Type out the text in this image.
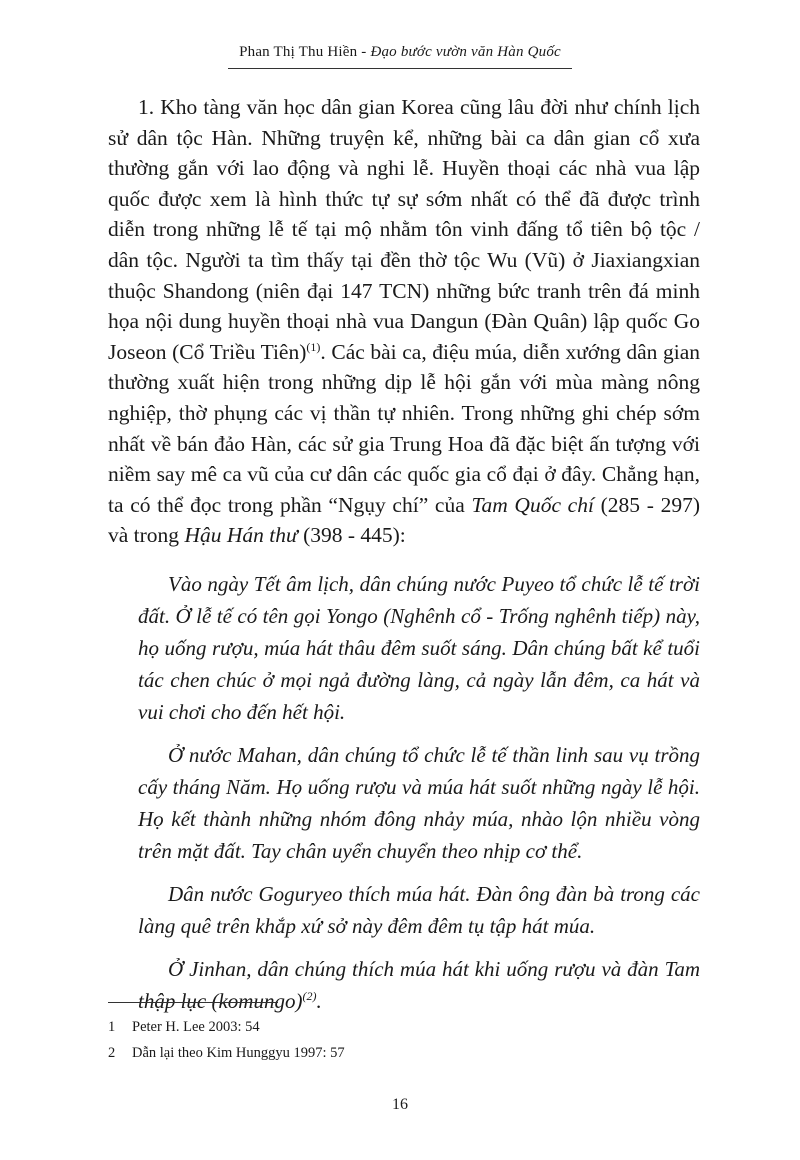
Phan Thị Thu Hiền - Đạo bước vườn văn Hàn Quốc

1. Kho tàng văn học dân gian Korea cũng lâu đời như chính lịch sử dân tộc Hàn. Những truyện kể, những bài ca dân gian cổ xưa thường gắn với lao động và nghi lễ. Huyền thoại các nhà vua lập quốc được xem là hình thức tự sự sớm nhất có thể đã được trình diễn trong những lễ tế tại mộ nhằm tôn vinh đấng tổ tiên bộ tộc / dân tộc. Người ta tìm thấy tại đền thờ tộc Wu (Vũ) ở Jiaxiangxian thuộc Shandong (niên đại 147 TCN) những bức tranh trên đá minh họa nội dung huyền thoại nhà vua Dangun (Đàn Quân) lập quốc Go Joseon (Cổ Triều Tiên)$^{(1)}$. Các bài ca, điệu múa, diễn xướng dân gian thường xuất hiện trong những dịp lễ hội gắn với mùa màng nông nghiệp, thờ phụng các vị thần tự nhiên. Trong những ghi chép sớm nhất về bán đảo Hàn, các sử gia Trung Hoa đã đặc biệt ấn tượng với niềm say mê ca vũ của cư dân các quốc gia cổ đại ở đây. Chẳng hạn, ta có thể đọc trong phần “Ngụy chí” của Tam Quốc chí (285 - 297) và trong Hậu Hán thư (398 - 445):

Vào ngày Tết âm lịch, dân chúng nước Puyeo tổ chức lễ tế trời đất. Ở lễ tế có tên gọi Yongo (Nghênh cổ - Trống nghênh tiếp) này, họ uống rượu, múa hát thâu đêm suốt sáng. Dân chúng bất kể tuổi tác chen chúc ở mọi ngả đường làng, cả ngày lẫn đêm, ca hát và vui chơi cho đến hết hội.

Ở nước Mahan, dân chúng tổ chức lễ tế thần linh sau vụ trồng cấy tháng Năm. Họ uống rượu và múa hát suốt những ngày lễ hội. Họ kết thành những nhóm đông nhảy múa, nhào lộn nhiều vòng trên mặt đất. Tay chân uyển chuyển theo nhịp cơ thể.

Dân nước Goguryeo thích múa hát. Đàn ông đàn bà trong các làng quê trên khắp xứ sở này đêm đêm tụ tập hát múa.

Ở Jinhan, dân chúng thích múa hát khi uống rượu và đàn Tam thập lục (komungo)$^{(2)}$.

1	Peter H. Lee 2003: 54
2	Dẫn lại theo Kim Hunggyu 1997: 57
16
